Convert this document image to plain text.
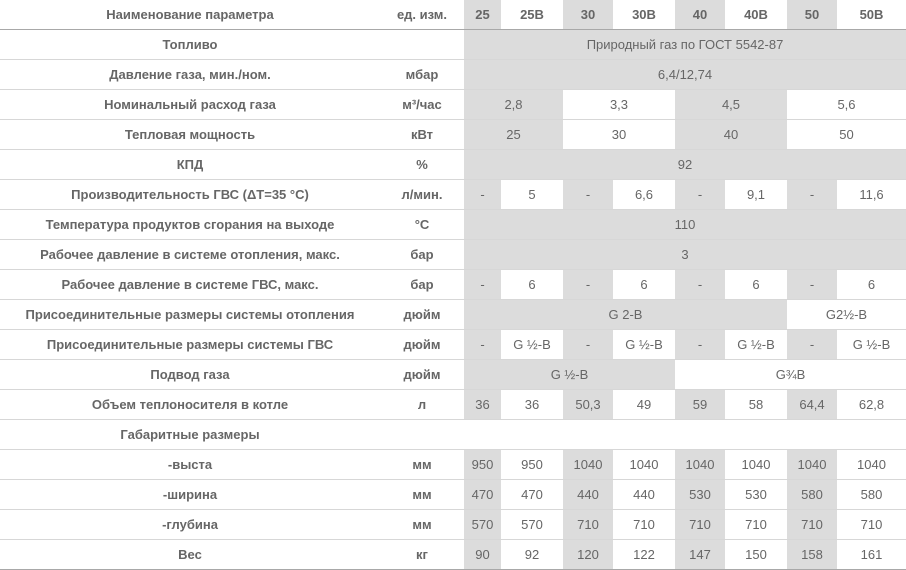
Наименование параметра	ед. изм.	25	25B	30	30B	40	40B	50	50B
Топливо		Природный газ по ГОСТ 5542-87							
Давление газа, мин./ном.	мбар	6,4/12,74							
Номинальный расход газа	м³/час	2,8		3,3		4,5		5,6	
Тепловая мощность	кВт	25		30		40		50	
КПД	%	92							
Производительность ГВС (ΔТ=35 °С)	л/мин.	-	5	-	6,6	-	9,1	-	11,6
Температура продуктов сгорания на выходе	°С	110							
Рабочее давление в системе отопления, макс.	бар	3							
Рабочее давление в системе ГВС, макс.	бар	-	6	-	6	-	6	-	6
Присоединительные размеры системы отопления	дюйм	G 2-B						G2½-B	
Присоединительные размеры системы ГВС	дюйм	-	G ½-B	-	G ½-B	-	G ½-B	-	G ½-B
Подвод газа	дюйм	G ½-B				G¾B			
Объем теплоносителя в котле	л	36	36	50,3	49	59	58	64,4	62,8
Габаритные размеры									
-выста	мм	950	950	1040	1040	1040	1040	1040	1040
-ширина	мм	470	470	440	440	530	530	580	580
-глубина	мм	570	570	710	710	710	710	710	710
Вес	кг	90	92	120	122	147	150	158	161
